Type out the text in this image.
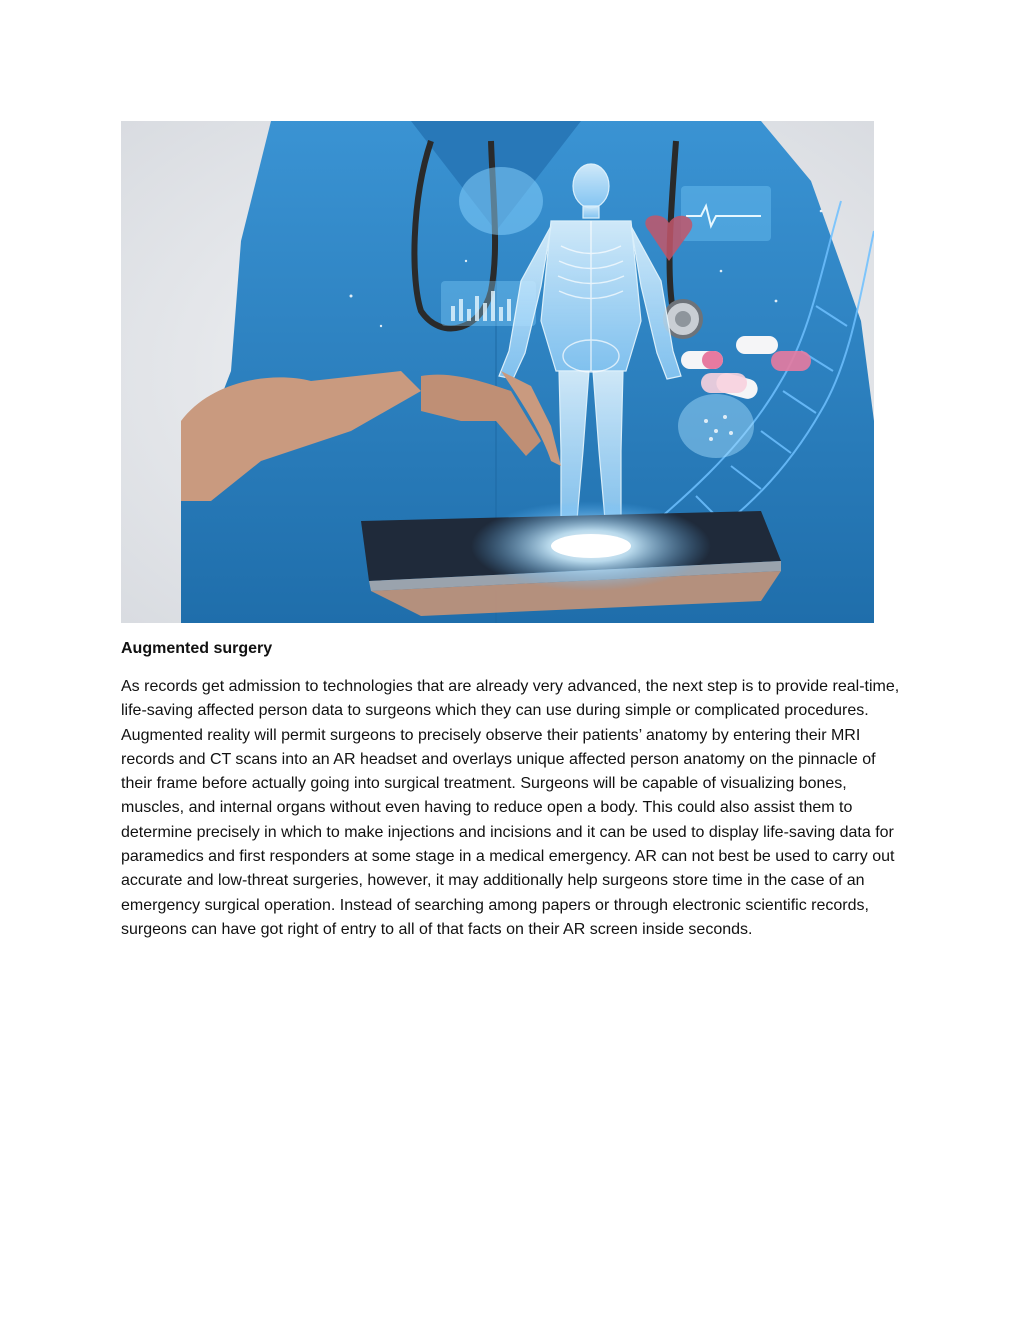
Augmented surgery

As records get admission to technologies that are already very advanced, the next step is to provide real-time, life-saving affected person data to surgeons which they can use during simple or complicated procedures. Augmented reality will permit surgeons to precisely observe their patients’ anatomy by entering their MRI records and CT scans into an AR headset and overlays unique affected person anatomy on the pinnacle of their frame before actually going into surgical treatment. Surgeons will be capable of visualizing bones, muscles, and internal organs without even having to reduce open a body. This could also assist them to determine precisely in which to make injections and incisions and it can be used to display life-saving data for paramedics and first responders at some stage in a medical emergency. AR can not best be used to carry out accurate and low-threat surgeries, however, it may additionally help surgeons store time in the case of an emergency surgical operation. Instead of searching among papers or through electronic scientific records, surgeons can have got right of entry to all of that facts on their AR screen inside seconds.
